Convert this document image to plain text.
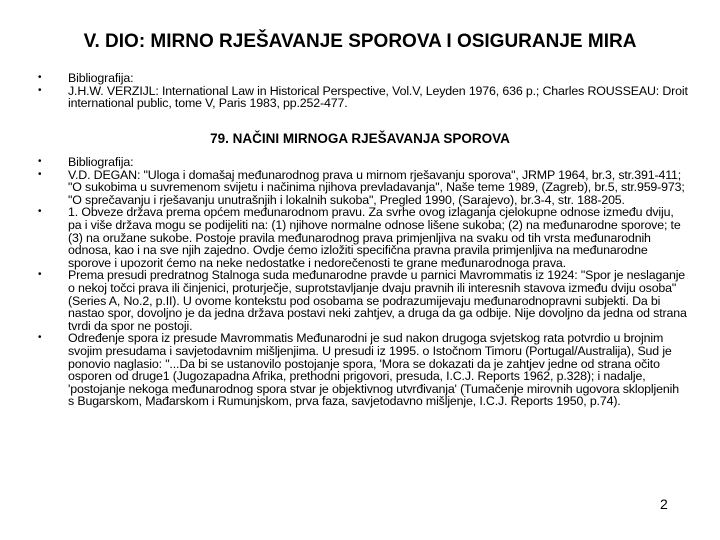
V. DIO: MIRNO RJEŠAVANJE SPOROVA I OSIGURANJE MIRA
• Bibliografija:
• J.H.W. VERZIJL: International Law in Historical Perspective, Vol.V, Leyden 1976, 636 p.; Charles ROUSSEAU: Droit international public, tome V, Paris 1983, pp.252-477.
79. NAČINI MIRNOGA RJEŠAVANJA SPOROVA
• Bibliografija:
• V.D. DEGAN: "Uloga i domašaj međunarodnog prava u mirnom rješavanju sporova", JRMP 1964, br.3, str.391-411; "O sukobima u suvremenom svijetu i načinima njihova prevladavanja", Naše teme 1989, (Zagreb), br.5, str.959-973; "O sprečavanju i rješavanju unutrašnjih i lokalnih sukoba", Pregled 1990, (Sarajevo), br.3-4, str. 188-205.
• 1. Obveze država prema općem međunarodnom pravu. Za svrhe ovog izlaganja cjelokupne odnose između dviju, pa i više država mogu se podijeliti na: (1) njihove normalne odnose lišene sukoba; (2) na međunarodne sporove; te (3) na oružane sukobe. Postoje pravila međunarodnog prava primjenljiva na svaku od tih vrsta međunarodnih odnosa, kao i na sve njih zajedno. Ovdje ćemo izložiti specifična pravna pravila primjenljiva na međunarodne sporove i upozorit ćemo na neke nedostatke i nedorečenosti te grane međunarodnoga prava.
• Prema presudi predratnog Stalnoga suda međunarodne pravde u parnici Mavrommatis iz 1924: "Spor je neslaganje o nekoj točci prava ili činjenici, proturječje, suprotstavljanje dvaju pravnih ili interesnih stavova između dviju osoba" (Series A, No.2, p.II). U ovome kontekstu pod osobama se podrazumijevaju međunarodnopravni subjekti. Da bi nastao spor, dovoljno je da jedna država postavi neki zahtjev, a druga da ga odbije. Nije dovoljno da jedna od strana tvrdi da spor ne postoji.
• Određenje spora iz presude Mavrommatis Međunarodni je sud nakon drugoga svjetskog rata potvrdio u brojnim svojim presudama i savjetodavnim mišljenjima. U presudi iz 1995. o Istočnom Timoru (Portugal/Australija), Sud je ponovio naglasio: "...Da bi se ustanovilo postojanje spora, 'Mora se dokazati da je zahtjev jedne od strana očito osporen od druge1 (Jugozapadna Afrika, prethodni prigovori, presuda, I.C.J. Reports 1962, p.328); i nadalje, 'postojanje nekoga međunarodnog spora stvar je objektivnog utvrđivanja' (Tumačenje mirovnih ugovora sklopljenih s Bugarskom, Mađarskom i Rumunjskom, prva faza, savjetodavno mišljenje, I.C.J. Reports 1950, p.74).
2
